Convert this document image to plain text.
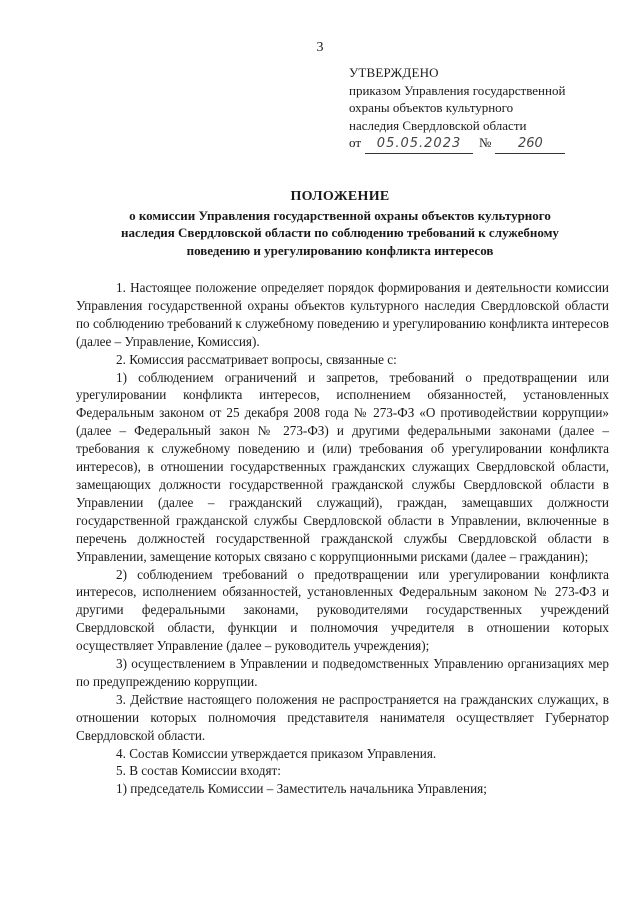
3
УТВЕРЖДЕНО
приказом Управления государственной
охраны объектов культурного
наследия Свердловской области
от	05.05.2023	№	260
ПОЛОЖЕНИЕ
о комиссии Управления государственной охраны объектов культурного
наследия Свердловской области по соблюдению требований к служебному
поведению и урегулированию конфликта интересов

1. Настоящее положение определяет порядок формирования и деятельности комиссии Управления государственной охраны объектов культурного наследия Свердловской области по соблюдению требований к служебному поведению и урегулированию конфликта интересов (далее – Управление, Комиссия).

2. Комиссия рассматривает вопросы, связанные с:

1) соблюдением ограничений и запретов, требований о предотвращении или урегулировании конфликта интересов, исполнением обязанностей, установленных Федеральным законом от 25 декабря 2008 года № 273-ФЗ «О противодействии коррупции» (далее – Федеральный закон № 273-ФЗ) и другими федеральными законами (далее – требования к служебному поведению и (или) требования об урегулировании конфликта интересов), в отношении государственных гражданских служащих Свердловской области, замещающих должности государственной гражданской службы Свердловской области в Управлении (далее – гражданский служащий), граждан, замещавших должности государственной гражданской службы Свердловской области в Управлении, включенные в перечень должностей государственной гражданской службы Свердловской области в Управлении, замещение которых связано с коррупционными рисками (далее – гражданин);

2) соблюдением требований о предотвращении или урегулировании конфликта интересов, исполнением обязанностей, установленных Федеральным законом № 273-ФЗ и другими федеральными законами, руководителями государственных учреждений Свердловской области, функции и полномочия учредителя в отношении которых осуществляет Управление (далее – руководитель учреждения);

3) осуществлением в Управлении и подведомственных Управлению организациях мер по предупреждению коррупции.

3. Действие настоящего положения не распространяется на гражданских служащих, в отношении которых полномочия представителя нанимателя осуществляет Губернатор Свердловской области.

4. Состав Комиссии утверждается приказом Управления.

5. В состав Комиссии входят:

1) председатель Комиссии – Заместитель начальника Управления;
